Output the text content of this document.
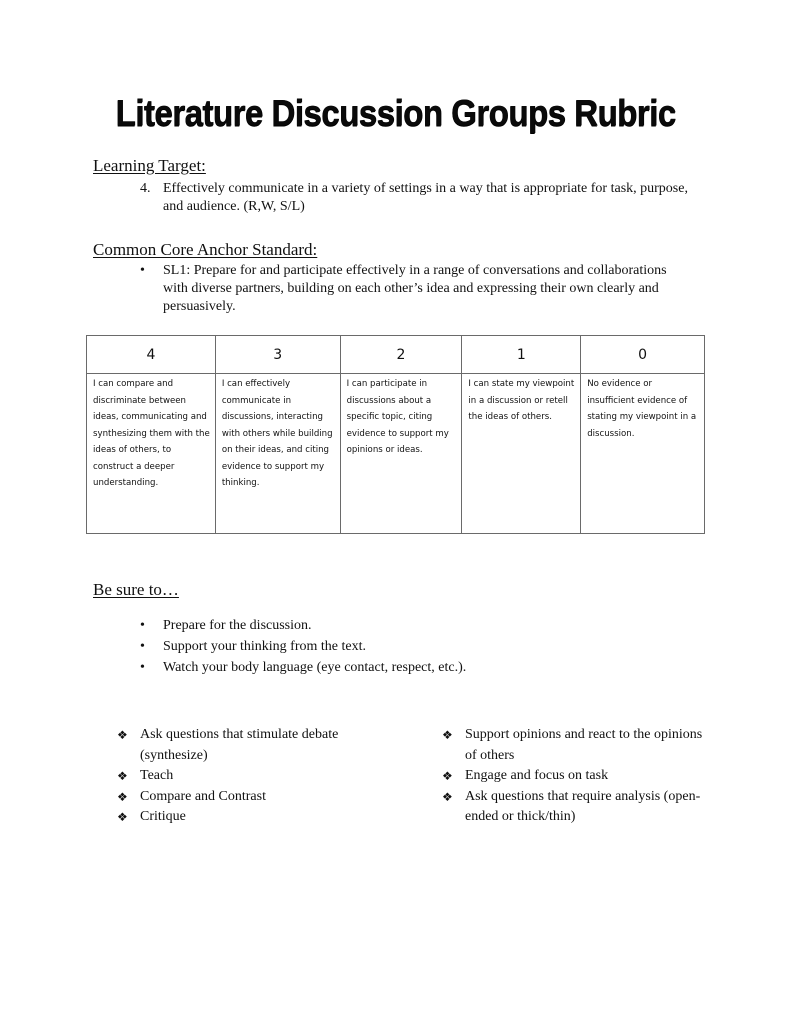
Literature Discussion Groups Rubric
Learning Target:
4. Effectively communicate in a variety of settings in a way that is appropriate for task, purpose, and audience. (R,W, S/L)
Common Core Anchor Standard:
• SL1: Prepare for and participate effectively in a range of conversations and collaborations with diverse partners, building on each other’s idea and expressing their own clearly and persuasively.
4	3	2	1	0
I can compare and discriminate between ideas, communicating and synthesizing them with the ideas of others, to construct a deeper understanding.	I can effectively communicate in discussions, interacting with others while building on their ideas, and citing evidence to support my thinking.	I can participate in discussions about a specific topic, citing evidence to support my opinions or ideas.	I can state my viewpoint in a discussion or retell the ideas of others.	No evidence or insufficient evidence of stating my viewpoint in a discussion.
Be sure to…
• Prepare for the discussion.
• Support your thinking from the text.
• Watch your body language (eye contact, respect, etc.).
❖ Ask questions that stimulate debate (synthesize)
❖ Teach
❖ Compare and Contrast
❖ Critique
❖ Support opinions and react to the opinions of others
❖ Engage and focus on task
❖ Ask questions that require analysis (open-ended or thick/thin)
